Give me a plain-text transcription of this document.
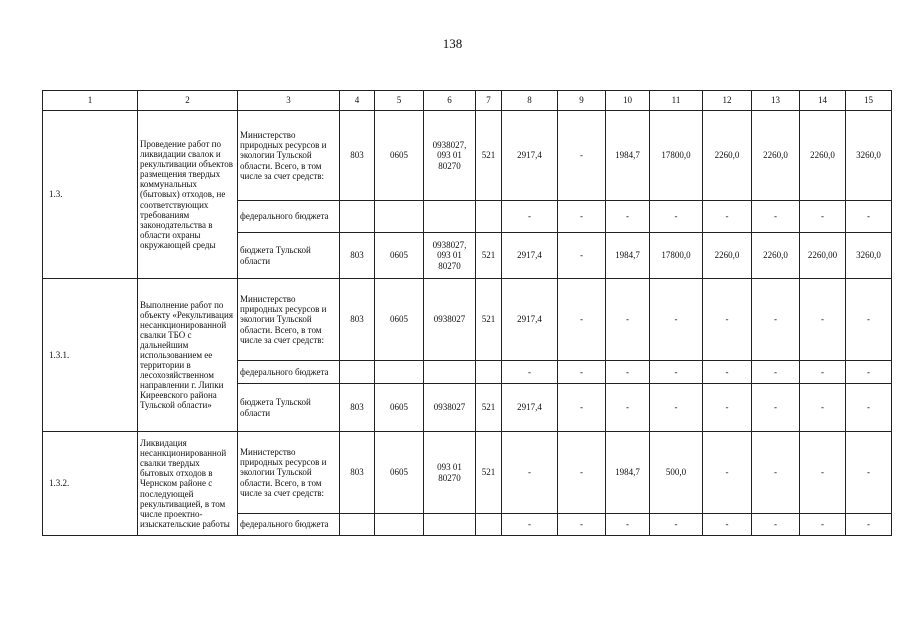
138
1	2	3	4	5	6	7	8	9	10	11	12	13	14	15
1.3.	Проведение работ по ликвидации свалок и рекультивации объектов размещения твердых коммунальных (бытовых) отходов, не соответствующих требованиям законодательства в области охраны окружающей среды	Министерство природных ресурсов и экологии Тульской области. Всего, в том числе за счет средств:	803	0605	0938027, 093 01 80270	521	2917,4	-	1984,7	17800,0	2260,0	2260,0	2260,0	3260,0
		федерального бюджета					-	-	-	-	-	-	-	-
		бюджета Тульской области	803	0605	0938027, 093 01 80270	521	2917,4	-	1984,7	17800,0	2260,0	2260,0	2260,00	3260,0
1.3.1.	Выполнение работ по объекту «Рекультивация несанкционированной свалки ТБО с дальнейшим использованием ее территории в лесохозяйственном направлении г. Липки Киреевского района Тульской области»	Министерство природных ресурсов и экологии Тульской области. Всего, в том числе за счет средств:	803	0605	0938027	521	2917,4	-	-	-	-	-	-	-
		федерального бюджета					-	-	-	-	-	-	-	-
		бюджета Тульской области	803	0605	0938027	521	2917,4	-	-	-	-	-	-	-
1.3.2.	Ликвидация несанкционированной свалки твердых бытовых отходов в Чернском районе с последующей рекультивацией, в том числе проектно-изыскательские работы	Министерство природных ресурсов и экологии Тульской области. Всего, в том числе за счет средств:	803	0605	093 01 80270	521	-	-	1984,7	500,0	-	-	-	-
		федерального бюджета					-	-	-	-	-	-	-	-
